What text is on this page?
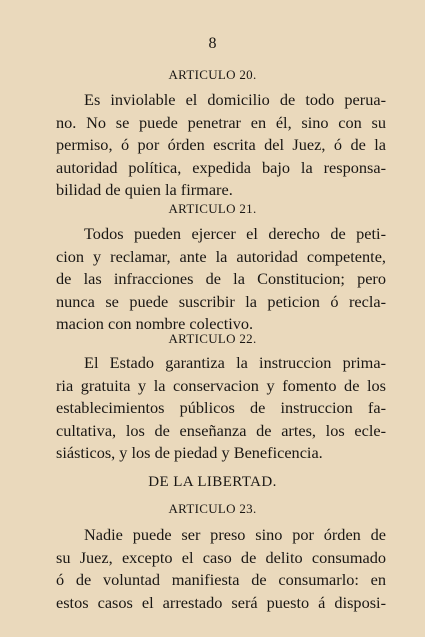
8
ARTICULO 20.
Es inviolable el domicilio de todo perua-
no. No se puede penetrar en él, sino con su
permiso, ó por órden escrita del Juez, ó de la
autoridad política, expedida bajo la responsa-
bilidad de quien la firmare.
ARTICULO 21.
Todos pueden ejercer el derecho de peti-
cion y reclamar, ante la autoridad competente,
de las infracciones de la Constitucion; pero
nunca se puede suscribir la peticion ó recla-
macion con nombre colectivo.
ARTICULO 22.
El Estado garantiza la instruccion prima-
ria gratuita y la conservacion y fomento de los
establecimientos públicos de instruccion fa-
cultativa, los de enseñanza de artes, los ecle-
siásticos, y los de piedad y Beneficencia.
DE LA LIBERTAD.
ARTICULO 23.
Nadie puede ser preso sino por órden de
su Juez, excepto el caso de delito consumado
ó de voluntad manifiesta de consumarlo: en
estos casos el arrestado será puesto á disposi-
